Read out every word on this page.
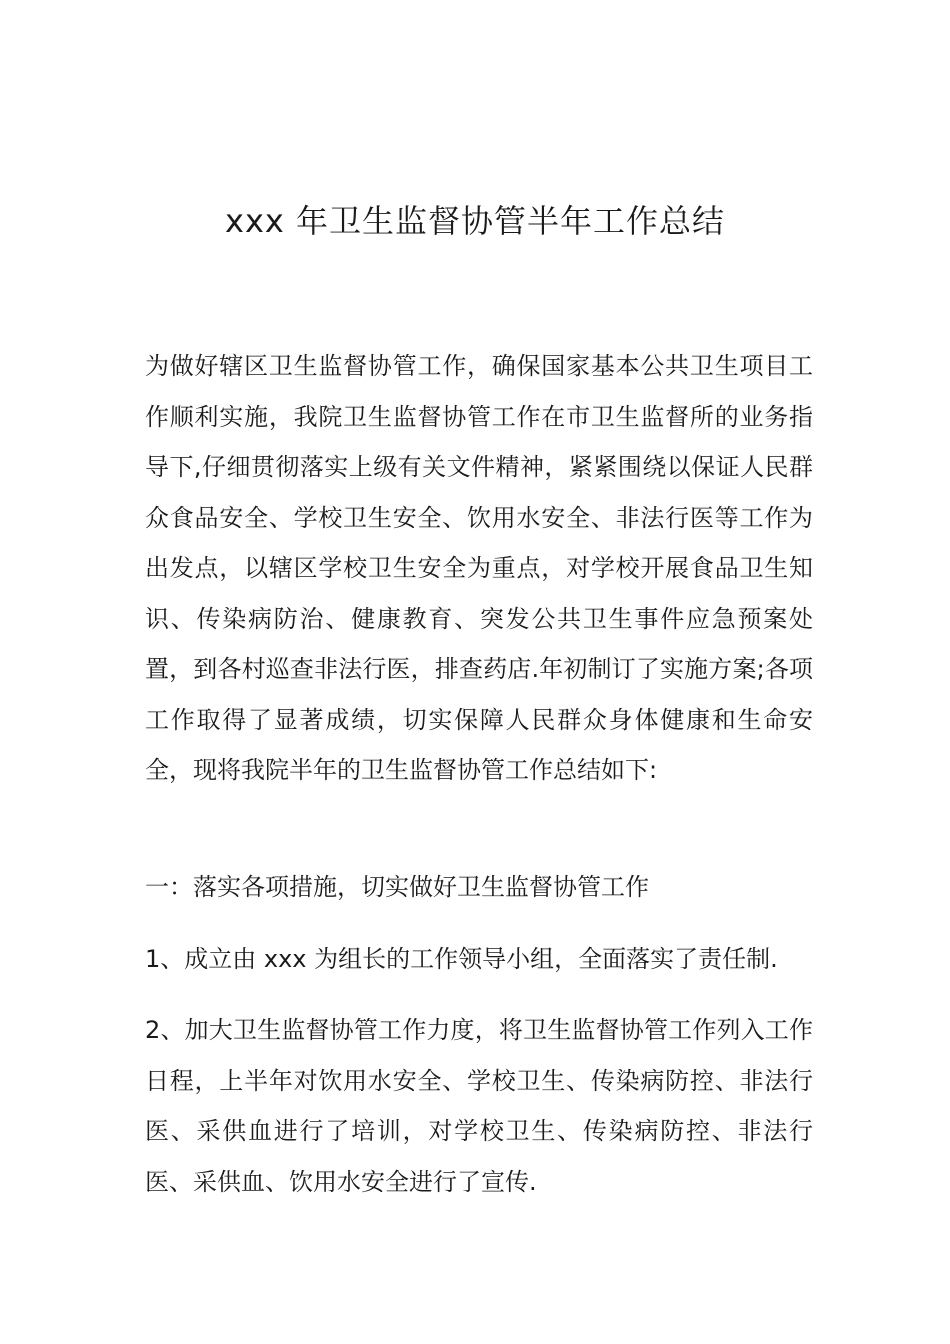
xxx 年卫生监督协管半年工作总结

为做好辖区卫生监督协管工作，确保国家基本公共卫生项目工作顺利实施，我院卫生监督协管工作在市卫生监督所的业务指导下,仔细贯彻落实上级有关文件精神，紧紧围绕以保证人民群众食品安全、学校卫生安全、饮用水安全、非法行医等工作为出发点，以辖区学校卫生安全为重点，对学校开展食品卫生知识、传染病防治、健康教育、突发公共卫生事件应急预案处置，到各村巡查非法行医，排查药店.年初制订了实施方案;各项工作取得了显著成绩，切实保障人民群众身体健康和生命安全，现将我院半年的卫生监督协管工作总结如下:

一：落实各项措施，切实做好卫生监督协管工作

1、成立由 xxx 为组长的工作领导小组，全面落实了责任制.

2、加大卫生监督协管工作力度，将卫生监督协管工作列入工作日程，上半年对饮用水安全、学校卫生、传染病防控、非法行医、采供血进行了培训，对学校卫生、传染病防控、非法行医、采供血、饮用水安全进行了宣传.
